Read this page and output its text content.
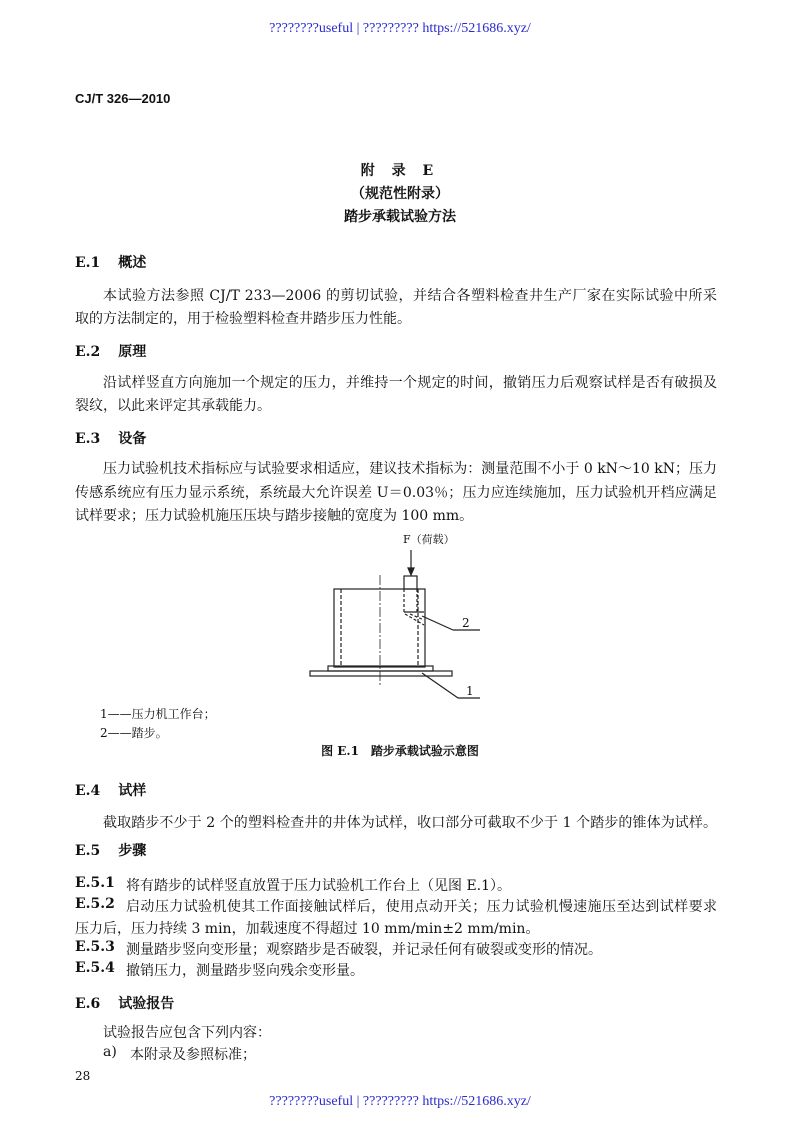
????????useful | ????????? https://521686.xyz/
CJ/T 326—2010
附 录 E
（规范性附录）
踏步承载试验方法
E.1 概述
本试验方法参照 CJ/T 233—2006 的剪切试验，并结合各塑料检查井生产厂家在实际试验中所采
取的方法制定的，用于检验塑料检查井踏步压力性能。
E.2 原理
沿试样竖直方向施加一个规定的压力，并维持一个规定的时间，撤销压力后观察试样是否有破损及
裂纹，以此来评定其承载能力。
E.3 设备
压力试验机技术指标应与试验要求相适应，建议技术指标为：测量范围不小于 0 kN～10 kN；压力
传感系统应有压力显示系统，系统最大允许误差 U＝0.03％；压力应连续施加，压力试验机开档应满足
试样要求；压力试验机施压压块与踏步接触的宽度为 100 mm。
F（荷载）
2
1
1——压力机工作台；
2——踏步。
图 E.1　踏步承载试验示意图
E.4 试样
截取踏步不少于 2 个的塑料检查井的井体为试样，收口部分可截取不少于 1 个踏步的锥体为试样。
E.5 步骤
E.5.1 将有踏步的试样竖直放置于压力试验机工作台上（见图 E.1）。
E.5.2 启动压力试验机使其工作面接触试样后，使用点动开关；压力试验机慢速施压至达到试样要求
压力后，压力持续 3 min，加载速度不得超过 10 mm/min±2 mm/min。
E.5.3 测量踏步竖向变形量；观察踏步是否破裂，并记录任何有破裂或变形的情况。
E.5.4 撤销压力，测量踏步竖向残余变形量。
E.6 试验报告
试验报告应包含下列内容：
a) 本附录及参照标准；
28
????????useful | ????????? https://521686.xyz/
